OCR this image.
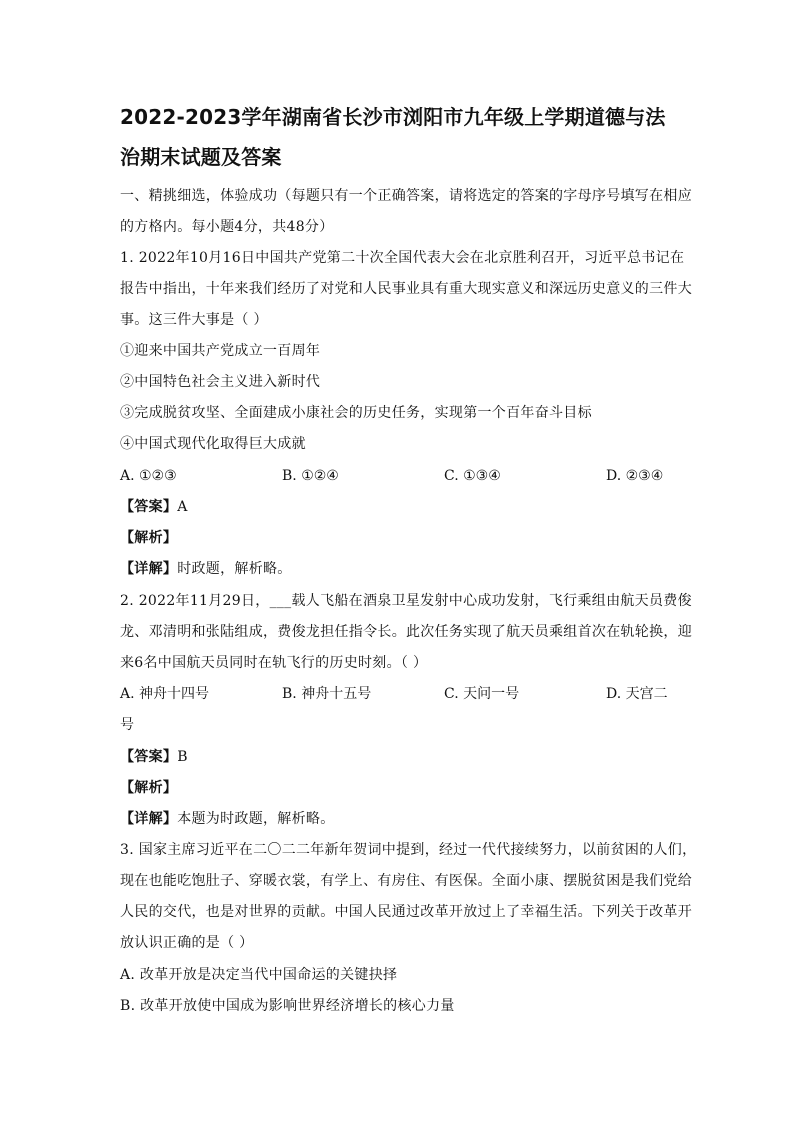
2022-2023学年湖南省长沙市浏阳市九年级上学期道德与法
治期末试题及答案
一、精挑细选，体验成功（每题只有一个正确答案，请将选定的答案的字母序号填写在相应
的方格内。每小题4分，共48分）
1. 2022年10月16日中国共产党第二十次全国代表大会在北京胜利召开，习近平总书记在
报告中指出，十年来我们经历了对党和人民事业具有重大现实意义和深远历史意义的三件大
事。这三件大事是（ ）
①迎来中国共产党成立一百周年
②中国特色社会主义进入新时代
③完成脱贫攻坚、全面建成小康社会的历史任务，实现第一个百年奋斗目标
④中国式现代化取得巨大成就
A. ①②③	B. ①②④	C. ①③④	D. ②③④
【答案】A
【解析】
【详解】时政题，解析略。
2. 2022年11月29日，___载人飞船在酒泉卫星发射中心成功发射，飞行乘组由航天员费俊
龙、邓清明和张陆组成，费俊龙担任指令长。此次任务实现了航天员乘组首次在轨轮换，迎
来6名中国航天员同时在轨飞行的历史时刻。（ ）
A. 神舟十四号	B. 神舟十五号	C. 天问一号	D. 天宫二
号
【答案】B
【解析】
【详解】本题为时政题，解析略。
3. 国家主席习近平在二〇二二年新年贺词中提到，经过一代代接续努力，以前贫困的人们，
现在也能吃饱肚子、穿暖衣裳，有学上、有房住、有医保。全面小康、摆脱贫困是我们党给
人民的交代，也是对世界的贡献。中国人民通过改革开放过上了幸福生活。下列关于改革开
放认识正确的是（ ）
A. 改革开放是决定当代中国命运的关键抉择
B. 改革开放使中国成为影响世界经济增长的核心力量
